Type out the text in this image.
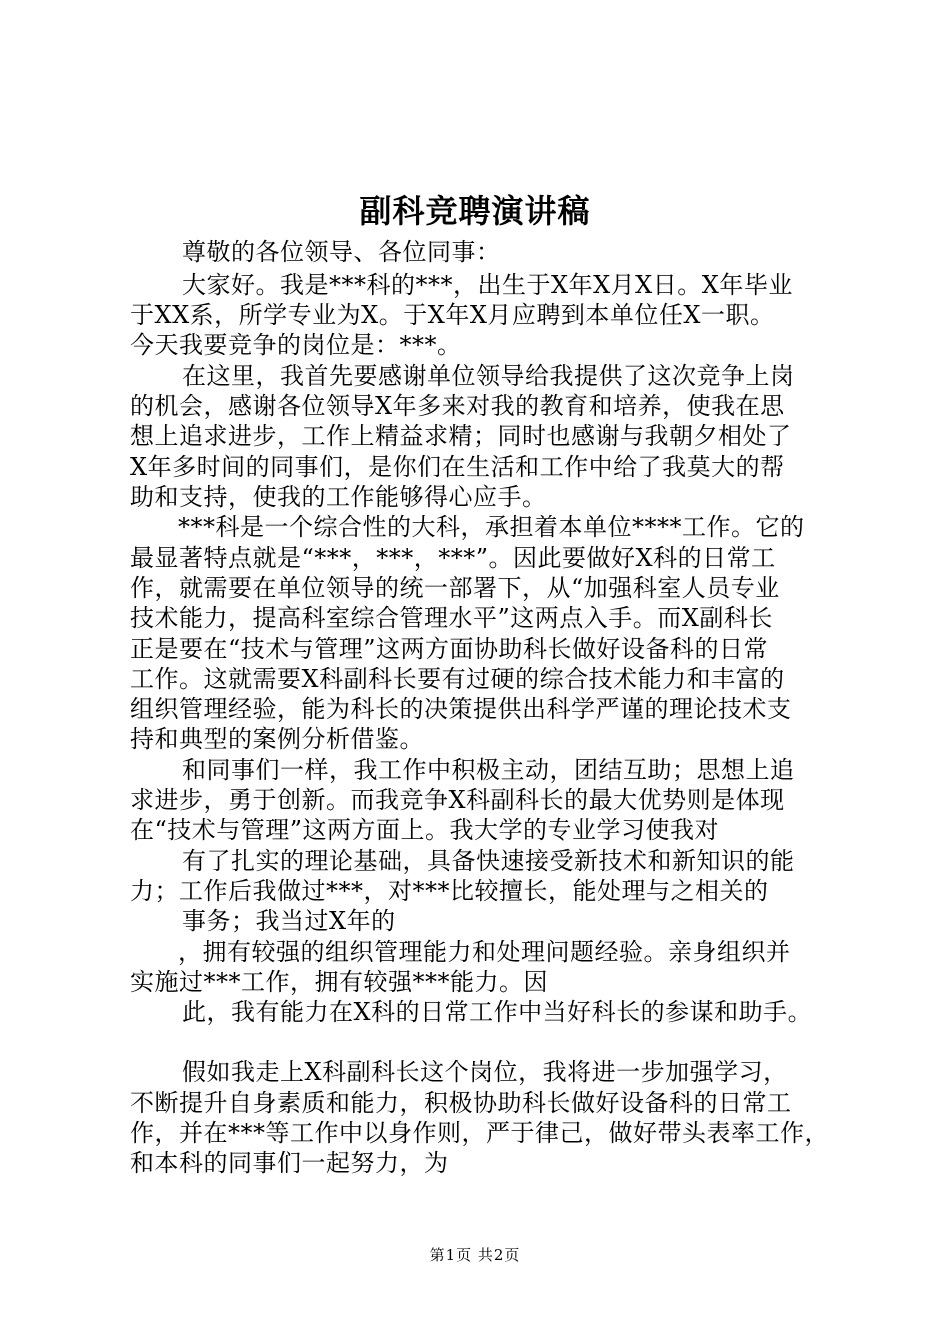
副科竞聘演讲稿
尊敬的各位领导、各位同事：
大家好。我是***科的***，出生于X年X月X日。X年毕业
于XX系，所学专业为X。于X年X月应聘到本单位任X一职。
今天我要竞争的岗位是：***。
在这里，我首先要感谢单位领导给我提供了这次竞争上岗
的机会，感谢各位领导X年多来对我的教育和培养，使我在思
想上追求进步，工作上精益求精；同时也感谢与我朝夕相处了
X年多时间的同事们，是你们在生活和工作中给了我莫大的帮
助和支持，使我的工作能够得心应手。
***科是一个综合性的大科，承担着本单位****工作。它的
最显著特点就是“***，***，***”。因此要做好X科的日常工
作，就需要在单位领导的统一部署下，从“加强科室人员专业
技术能力，提高科室综合管理水平”这两点入手。而X副科长
正是要在“技术与管理”这两方面协助科长做好设备科的日常
工作。这就需要X科副科长要有过硬的综合技术能力和丰富的
组织管理经验，能为科长的决策提供出科学严谨的理论技术支
持和典型的案例分析借鉴。
和同事们一样，我工作中积极主动，团结互助；思想上追
求进步，勇于创新。而我竞争X科副科长的最大优势则是体现
在“技术与管理”这两方面上。我大学的专业学习使我对
有了扎实的理论基础，具备快速接受新技术和新知识的能
力；工作后我做过***，对***比较擅长，能处理与之相关的
事务；我当过X年的
，拥有较强的组织管理能力和处理问题经验。亲身组织并
实施过***工作，拥有较强***能力。因
此，我有能力在X科的日常工作中当好科长的参谋和助手。
假如我走上X科副科长这个岗位，我将进一步加强学习，
不断提升自身素质和能力，积极协助科长做好设备科的日常工
作，并在***等工作中以身作则，严于律己，做好带头表率工作，
和本科的同事们一起努力，为
第1页 共2页
